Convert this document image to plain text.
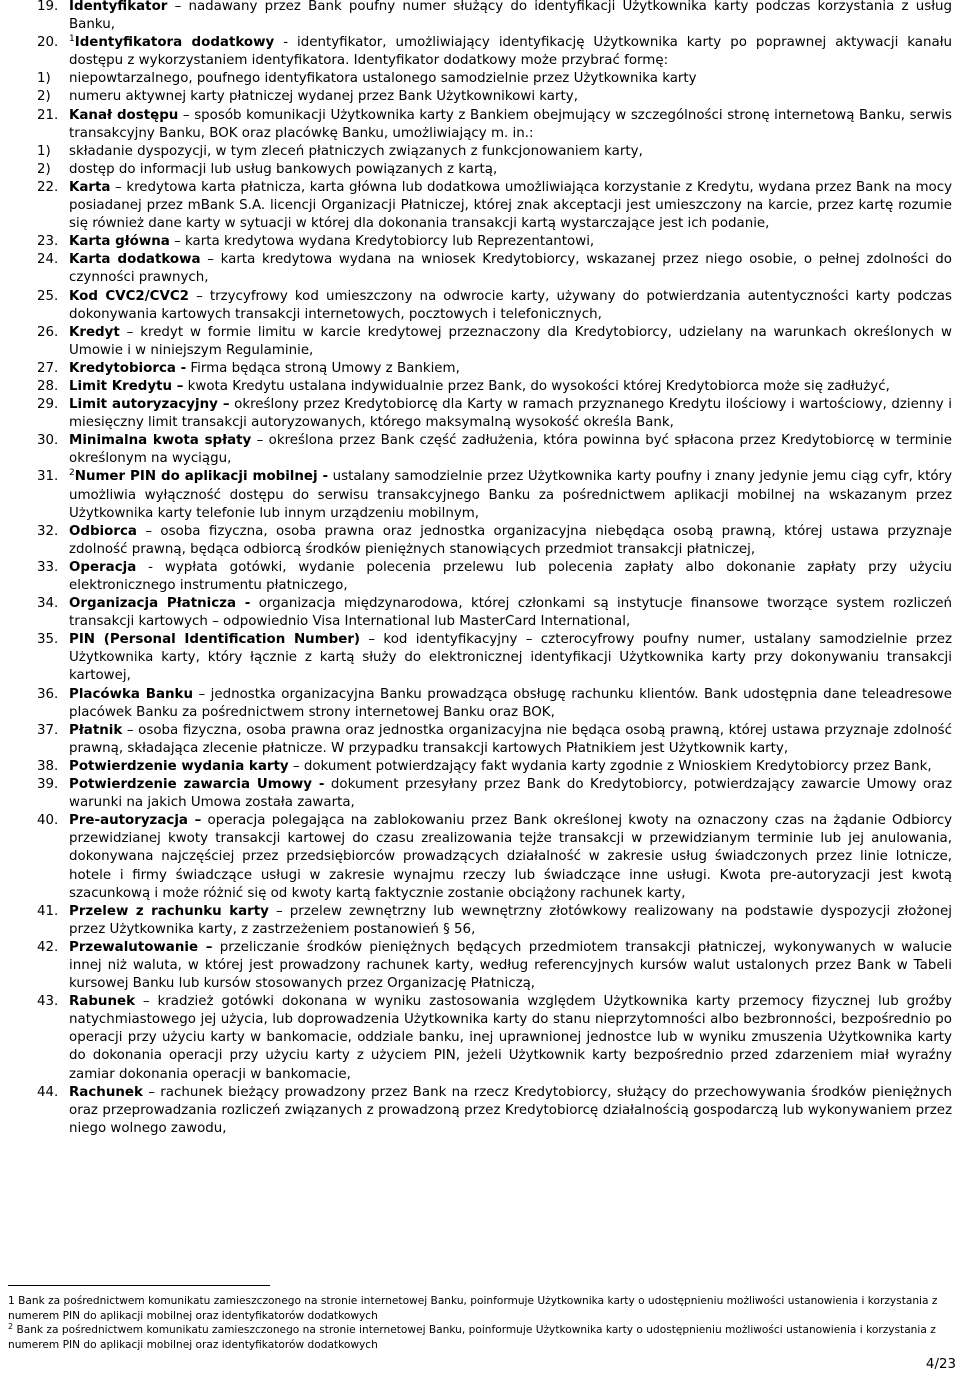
19. Identyfikator – nadawany przez Bank poufny numer służący do identyfikacji Użytkownika karty podczas korzystania z usług Banku,
20. $^1$Identyfikatora dodatkowy - identyfikator, umożliwiający identyfikację Użytkownika karty po poprawnej aktywacji kanału dostępu z wykorzystaniem identyfikatora. Identyfikator dodatkowy może przybrać formę:
1) niepowtarzalnego, poufnego identyfikatora ustalonego samodzielnie przez Użytkownika karty
2) numeru aktywnej karty płatniczej wydanej przez Bank Użytkownikowi karty,
21. Kanał dostępu – sposób komunikacji Użytkownika karty z Bankiem obejmujący w szczególności stronę internetową Banku, serwis transakcyjny Banku, BOK oraz placówkę Banku, umożliwiający m. in.:
1) składanie dyspozycji, w tym zleceń płatniczych związanych z funkcjonowaniem karty,
2) dostęp do informacji lub usług bankowych powiązanych z kartą,
22. Karta – kredytowa karta płatnicza, karta główna lub dodatkowa umożliwiająca korzystanie z Kredytu, wydana przez Bank na mocy posiadanej przez mBank S.A. licencji Organizacji Płatniczej, której znak akceptacji jest umieszczony na karcie, przez kartę rozumie się również dane karty w sytuacji w której dla dokonania transakcji kartą wystarczające jest ich podanie,
23. Karta główna – karta kredytowa wydana Kredytobiorcy lub Reprezentantowi,
24. Karta dodatkowa – karta kredytowa wydana na wniosek Kredytobiorcy, wskazanej przez niego osobie, o pełnej zdolności do czynności prawnych,
25. Kod CVC2/CVC2 – trzycyfrowy kod umieszczony na odwrocie karty, używany do potwierdzania autentyczności karty podczas dokonywania kartowych transakcji internetowych, pocztowych i telefonicznych,
26. Kredyt – kredyt w formie limitu w karcie kredytowej przeznaczony dla Kredytobiorcy, udzielany na warunkach określonych w Umowie i w niniejszym Regulaminie,
27. Kredytobiorca - Firma będąca stroną Umowy z Bankiem,
28. Limit Kredytu – kwota Kredytu ustalana indywidualnie przez Bank, do wysokości której Kredytobiorca może się zadłużyć,
29. Limit autoryzacyjny – określony przez Kredytobiorcę dla Karty w ramach przyznanego Kredytu ilościowy i wartościowy, dzienny i miesięczny limit transakcji autoryzowanych, którego maksymalną wysokość określa Bank,
30. Minimalna kwota spłaty – określona przez Bank część zadłużenia, która powinna być spłacona przez Kredytobiorcę w terminie określonym na wyciągu,
31. $^2$Numer PIN do aplikacji mobilnej - ustalany samodzielnie przez Użytkownika karty poufny i znany jedynie jemu ciąg cyfr, który umożliwia wyłączność dostępu do serwisu transakcyjnego Banku za pośrednictwem aplikacji mobilnej na wskazanym przez Użytkownika karty telefonie lub innym urządzeniu mobilnym,
32. Odbiorca – osoba fizyczna, osoba prawna oraz jednostka organizacyjna niebędąca osobą prawną, której ustawa przyznaje zdolność prawną, będąca odbiorcą środków pieniężnych stanowiących przedmiot transakcji płatniczej,
33. Operacja - wypłata gotówki, wydanie polecenia przelewu lub polecenia zapłaty albo dokonanie zapłaty przy użyciu elektronicznego instrumentu płatniczego,
34. Organizacja Płatnicza - organizacja międzynarodowa, której członkami są instytucje finansowe tworzące system rozliczeń transakcji kartowych – odpowiednio Visa International lub MasterCard International,
35. PIN (Personal Identification Number) – kod identyfikacyjny – czterocyfrowy poufny numer, ustalany samodzielnie przez Użytkownika karty, który łącznie z kartą służy do elektronicznej identyfikacji Użytkownika karty przy dokonywaniu transakcji kartowej,
36. Placówka Banku – jednostka organizacyjna Banku prowadząca obsługę rachunku klientów. Bank udostępnia dane teleadresowe placówek Banku za pośrednictwem strony internetowej Banku oraz BOK,
37. Płatnik – osoba fizyczna, osoba prawna oraz jednostka organizacyjna nie będąca osobą prawną, której ustawa przyznaje zdolność prawną, składająca zlecenie płatnicze. W przypadku transakcji kartowych Płatnikiem jest Użytkownik karty,
38. Potwierdzenie wydania karty – dokument potwierdzający fakt wydania karty zgodnie z Wnioskiem Kredytobiorcy przez Bank,
39. Potwierdzenie zawarcia Umowy - dokument przesyłany przez Bank do Kredytobiorcy, potwierdzający zawarcie Umowy oraz warunki na jakich Umowa została zawarta,
40. Pre-autoryzacja – operacja polegająca na zablokowaniu przez Bank określonej kwoty na oznaczony czas na żądanie Odbiorcy przewidzianej kwoty transakcji kartowej do czasu zrealizowania tejże transakcji w przewidzianym terminie lub jej anulowania, dokonywana najczęściej przez przedsiębiorców prowadzących działalność w zakresie usług świadczonych przez linie lotnicze, hotele i firmy świadczące usługi w zakresie wynajmu rzeczy lub świadczące inne usługi. Kwota pre-autoryzacji jest kwotą szacunkową i może różnić się od kwoty kartą faktycznie zostanie obciążony rachunek karty,
41. Przelew z rachunku karty – przelew zewnętrzny lub wewnętrzny złotówkowy realizowany na podstawie dyspozycji złożonej przez Użytkownika karty, z zastrzeżeniem postanowień § 56,
42. Przewalutowanie – przeliczanie środków pieniężnych będących przedmiotem transakcji płatniczej, wykonywanych w walucie innej niż waluta, w której jest prowadzony rachunek karty, według referencyjnych kursów walut ustalonych przez Bank w Tabeli kursowej Banku lub kursów stosowanych przez Organizację Płatniczą,
43. Rabunek – kradzież gotówki dokonana w wyniku zastosowania względem Użytkownika karty przemocy fizycznej lub groźby natychmiastowego jej użycia, lub doprowadzenia Użytkownika karty do stanu nieprzytomności albo bezbronności, bezpośrednio po operacji przy użyciu karty w bankomacie, oddziale banku, inej uprawnionej jednostce lub w wyniku zmuszenia Użytkownika karty do dokonania operacji przy użyciu karty z użyciem PIN, jeżeli Użytkownik karty bezpośrednio przed zdarzeniem miał wyraźny zamiar dokonania operacji w bankomacie,
44. Rachunek – rachunek bieżący prowadzony przez Bank na rzecz Kredytobiorcy, służący do przechowywania środków pieniężnych oraz przeprowadzania rozliczeń związanych z prowadzoną przez Kredytobiorcę działalnością gospodarczą lub wykonywaniem przez niego wolnego zawodu,
1 Bank za pośrednictwem komunikatu zamieszczonego na stronie internetowej Banku, poinformuje Użytkownika karty o udostępnieniu możliwości ustanowienia i korzystania z numerem PIN do aplikacji mobilnej oraz identyfikatorów dodatkowych
$^2$ Bank za pośrednictwem komunikatu zamieszczonego na stronie internetowej Banku, poinformuje Użytkownika karty o udostępnieniu możliwości ustanowienia i korzystania z numerem PIN do aplikacji mobilnej oraz identyfikatorów dodatkowych
4/23
